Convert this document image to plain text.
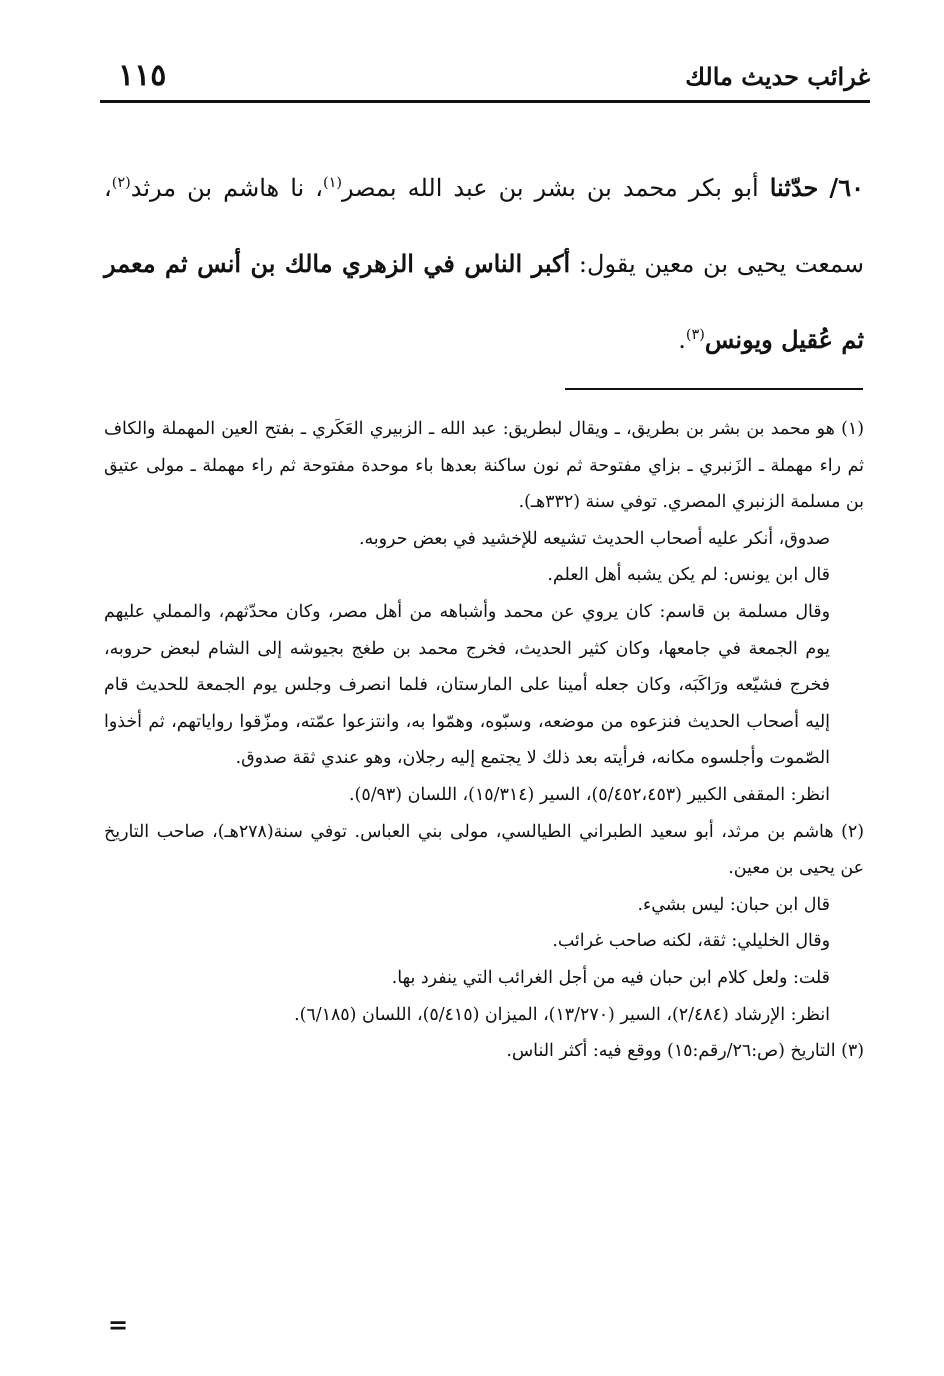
غرائب حديث مالك
١١٥
٦٠/ حدّثنا أبو بكر محمد بن بشر بن عبد الله بمصر$^{(١)}$، نا هاشم بن مرثد$^{(٢)}$، سمعت يحيى بن معين يقول: أكبر الناس في الزهري مالك بن أنس ثم معمر ثم عُقيل ويونس$^{(٣)}$.

(١) هو محمد بن بشر بن بطريق، ـ ويقال لبطريق: عبد الله ـ الزبيري العَكَري ـ بفتح العين المهملة والكاف ثم راء مهملة ـ الزَنبري ـ بزاي مفتوحة ثم نون ساكنة بعدها باء موحدة مفتوحة ثم راء مهملة ـ مولى عتيق بن مسلمة الزنبري المصري. توفي سنة (٣٣٢هـ).

صدوق، أنكر عليه أصحاب الحديث تشيعه للإخشيد في بعض حروبه.

قال ابن يونس: لم يكن يشبه أهل العلم.

وقال مسلمة بن قاسم: كان يروي عن محمد وأشباهه من أهل مصر، وكان محدّثهم، والمملي عليهم يوم الجمعة في جامعها، وكان كثير الحديث، فخرج محمد بن طغج بجيوشه إلى الشام لبعض حروبه، فخرج فشيّعه ورَاكَبَه، وكان جعله أمينا على المارستان، فلما انصرف وجلس يوم الجمعة للحديث قام إليه أصحاب الحديث فنزعوه من موضعه، وسبّوه، وهمّوا به، وانتزعوا عمّته، ومزّقوا رواياتهم، ثم أخذوا الصّموت وأجلسوه مكانه، فرأيته بعد ذلك لا يجتمع إليه رجلان، وهو عندي ثقة صدوق.

انظر: المقفى الكبير (٥/٤٥٢،٤٥٣)، السير (١٥/٣١٤)، اللسان (٥/٩٣).

(٢) هاشم بن مرثد، أبو سعيد الطبراني الطيالسي، مولى بني العباس. توفي سنة(٢٧٨هـ)، صاحب التاريخ عن يحيى بن معين.

قال ابن حبان: ليس بشيء.

وقال الخليلي: ثقة، لكنه صاحب غرائب.

قلت: ولعل كلام ابن حبان فيه من أجل الغرائب التي ينفرد بها.

انظر: الإرشاد (٢/٤٨٤)، السير (١٣/٢٧٠)، الميزان (٥/٤١٥)، اللسان (٦/١٨٥).

(٣) التاريخ (ص:٢٦/رقم:١٥) ووقع فيه: أكثر الناس.

=
